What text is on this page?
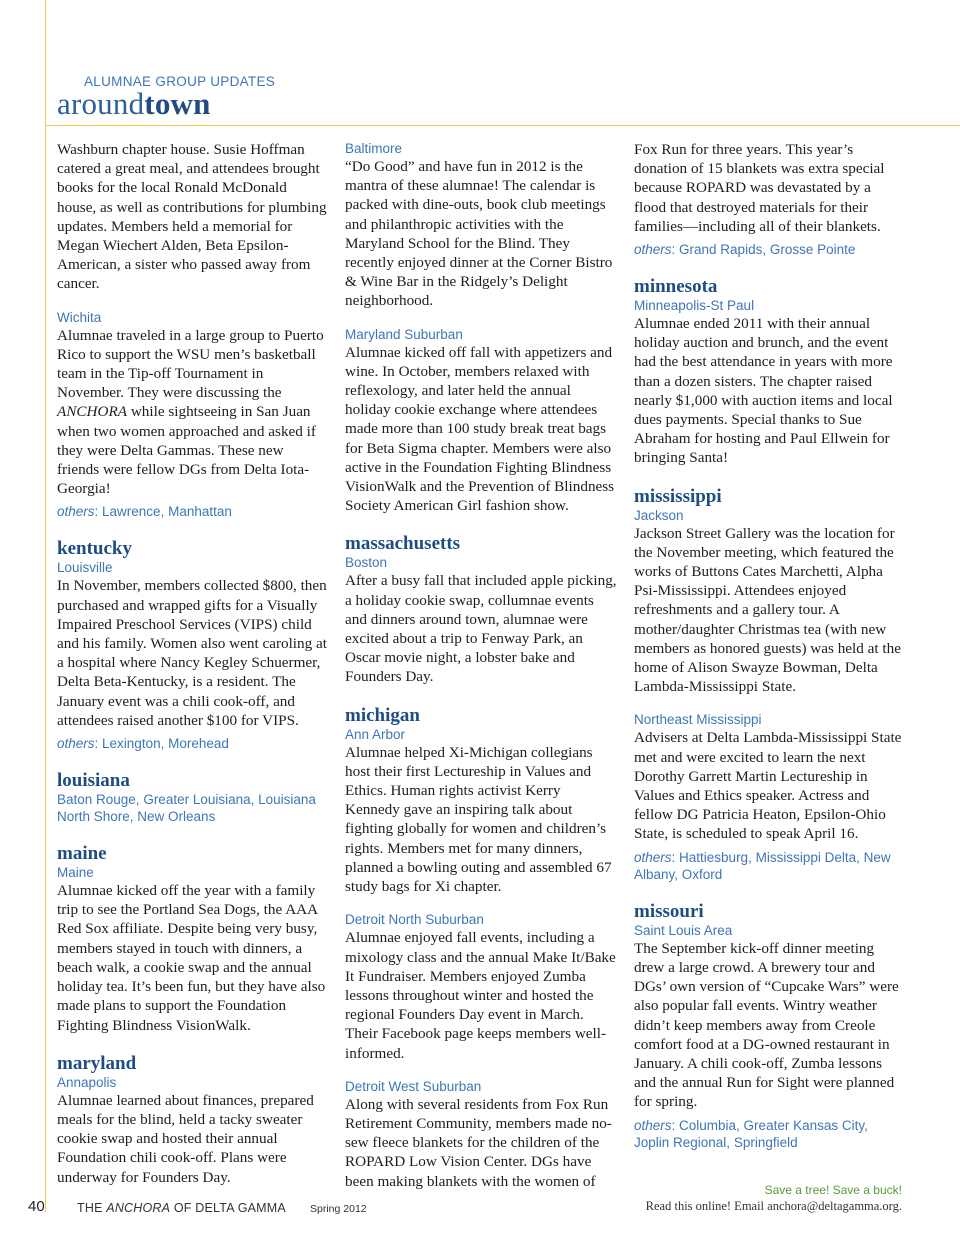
ALUMNAE GROUP UPDATES
aroundtown

Washburn chapter house. Susie Hoffman catered a great meal, and attendees brought books for the local Ronald McDonald house, as well as contributions for plumbing updates. Members held a memorial for Megan Wiechert Alden, Beta Epsilon-American, a sister who passed away from cancer.

Wichita

Alumnae traveled in a large group to Puerto Rico to support the WSU men’s basketball team in the Tip-off Tournament in November. They were discussing the ANCHORA while sightseeing in San Juan when two women approached and asked if they were Delta Gammas. These new friends were fellow DGs from Delta Iota-Georgia!

others: Lawrence, Manhattan

kentucky

Louisville

In November, members collected $800, then purchased and wrapped gifts for a Visually Impaired Preschool Services (VIPS) child and his family. Women also went caroling at a hospital where Nancy Kegley Schuermer, Delta Beta-Kentucky, is a resident. The January event was a chili cook-off, and attendees raised another $100 for VIPS.

others: Lexington, Morehead

louisiana

Baton Rouge, Greater Louisiana, Louisiana North Shore, New Orleans

maine

Maine

Alumnae kicked off the year with a family trip to see the Portland Sea Dogs, the AAA Red Sox affiliate. Despite being very busy, members stayed in touch with dinners, a beach walk, a cookie swap and the annual holiday tea. It’s been fun, but they have also made plans to support the Foundation Fighting Blindness VisionWalk.

maryland

Annapolis

Alumnae learned about finances, prepared meals for the blind, held a tacky sweater cookie swap and hosted their annual Foundation chili cook-off. Plans were underway for Founders Day.

Baltimore

“Do Good” and have fun in 2012 is the mantra of these alumnae! The calendar is packed with dine-outs, book club meetings and philanthropic activities with the Maryland School for the Blind. They recently enjoyed dinner at the Corner Bistro & Wine Bar in the Ridgely’s Delight neighborhood.

Maryland Suburban

Alumnae kicked off fall with appetizers and wine. In October, members relaxed with reflexology, and later held the annual holiday cookie exchange where attendees made more than 100 study break treat bags for Beta Sigma chapter. Members were also active in the Foundation Fighting Blindness VisionWalk and the Prevention of Blindness Society American Girl fashion show.

massachusetts

Boston

After a busy fall that included apple picking, a holiday cookie swap, collumnae events and dinners around town, alumnae were excited about a trip to Fenway Park, an Oscar movie night, a lobster bake and Founders Day.

michigan

Ann Arbor

Alumnae helped Xi-Michigan collegians host their first Lectureship in Values and Ethics. Human rights activist Kerry Kennedy gave an inspiring talk about fighting globally for women and children’s rights. Members met for many dinners, planned a bowling outing and assembled 67 study bags for Xi chapter.

Detroit North Suburban

Alumnae enjoyed fall events, including a mixology class and the annual Make It/Bake It Fundraiser. Members enjoyed Zumba lessons throughout winter and hosted the regional Founders Day event in March. Their Facebook page keeps members well-informed.

Detroit West Suburban

Along with several residents from Fox Run Retirement Community, members made no-sew fleece blankets for the children of the ROPARD Low Vision Center. DGs have been making blankets with the women of

Fox Run for three years. This year’s donation of 15 blankets was extra special because ROPARD was devastated by a flood that destroyed materials for their families—including all of their blankets.

others: Grand Rapids, Grosse Pointe

minnesota

Minneapolis-St Paul

Alumnae ended 2011 with their annual holiday auction and brunch, and the event had the best attendance in years with more than a dozen sisters. The chapter raised nearly $1,000 with auction items and local dues payments. Special thanks to Sue Abraham for hosting and Paul Ellwein for bringing Santa!

mississippi

Jackson

Jackson Street Gallery was the location for the November meeting, which featured the works of Buttons Cates Marchetti, Alpha Psi-Mississippi. Attendees enjoyed refreshments and a gallery tour. A mother/daughter Christmas tea (with new members as honored guests) was held at the home of Alison Swayze Bowman, Delta Lambda-Mississippi State.

Northeast Mississippi

Advisers at Delta Lambda-Mississippi State met and were excited to learn the next Dorothy Garrett Martin Lectureship in Values and Ethics speaker. Actress and fellow DG Patricia Heaton, Epsilon-Ohio State, is scheduled to speak April 16.

others: Hattiesburg, Mississippi Delta, New Albany, Oxford

missouri

Saint Louis Area

The September kick-off dinner meeting drew a large crowd. A brewery tour and DGs’ own version of “Cupcake Wars” were also popular fall events. Wintry weather didn’t keep members away from Creole comfort food at a DG-owned restaurant in January. A chili cook-off, Zumba lessons and the annual Run for Sight were planned for spring.

others: Columbia, Greater Kansas City, Joplin Regional, Springfield

40	THE ANCHORA OF DELTA GAMMA Spring 2012
Save a tree! Save a buck!
Read this online! Email anchora@deltagamma.org.
